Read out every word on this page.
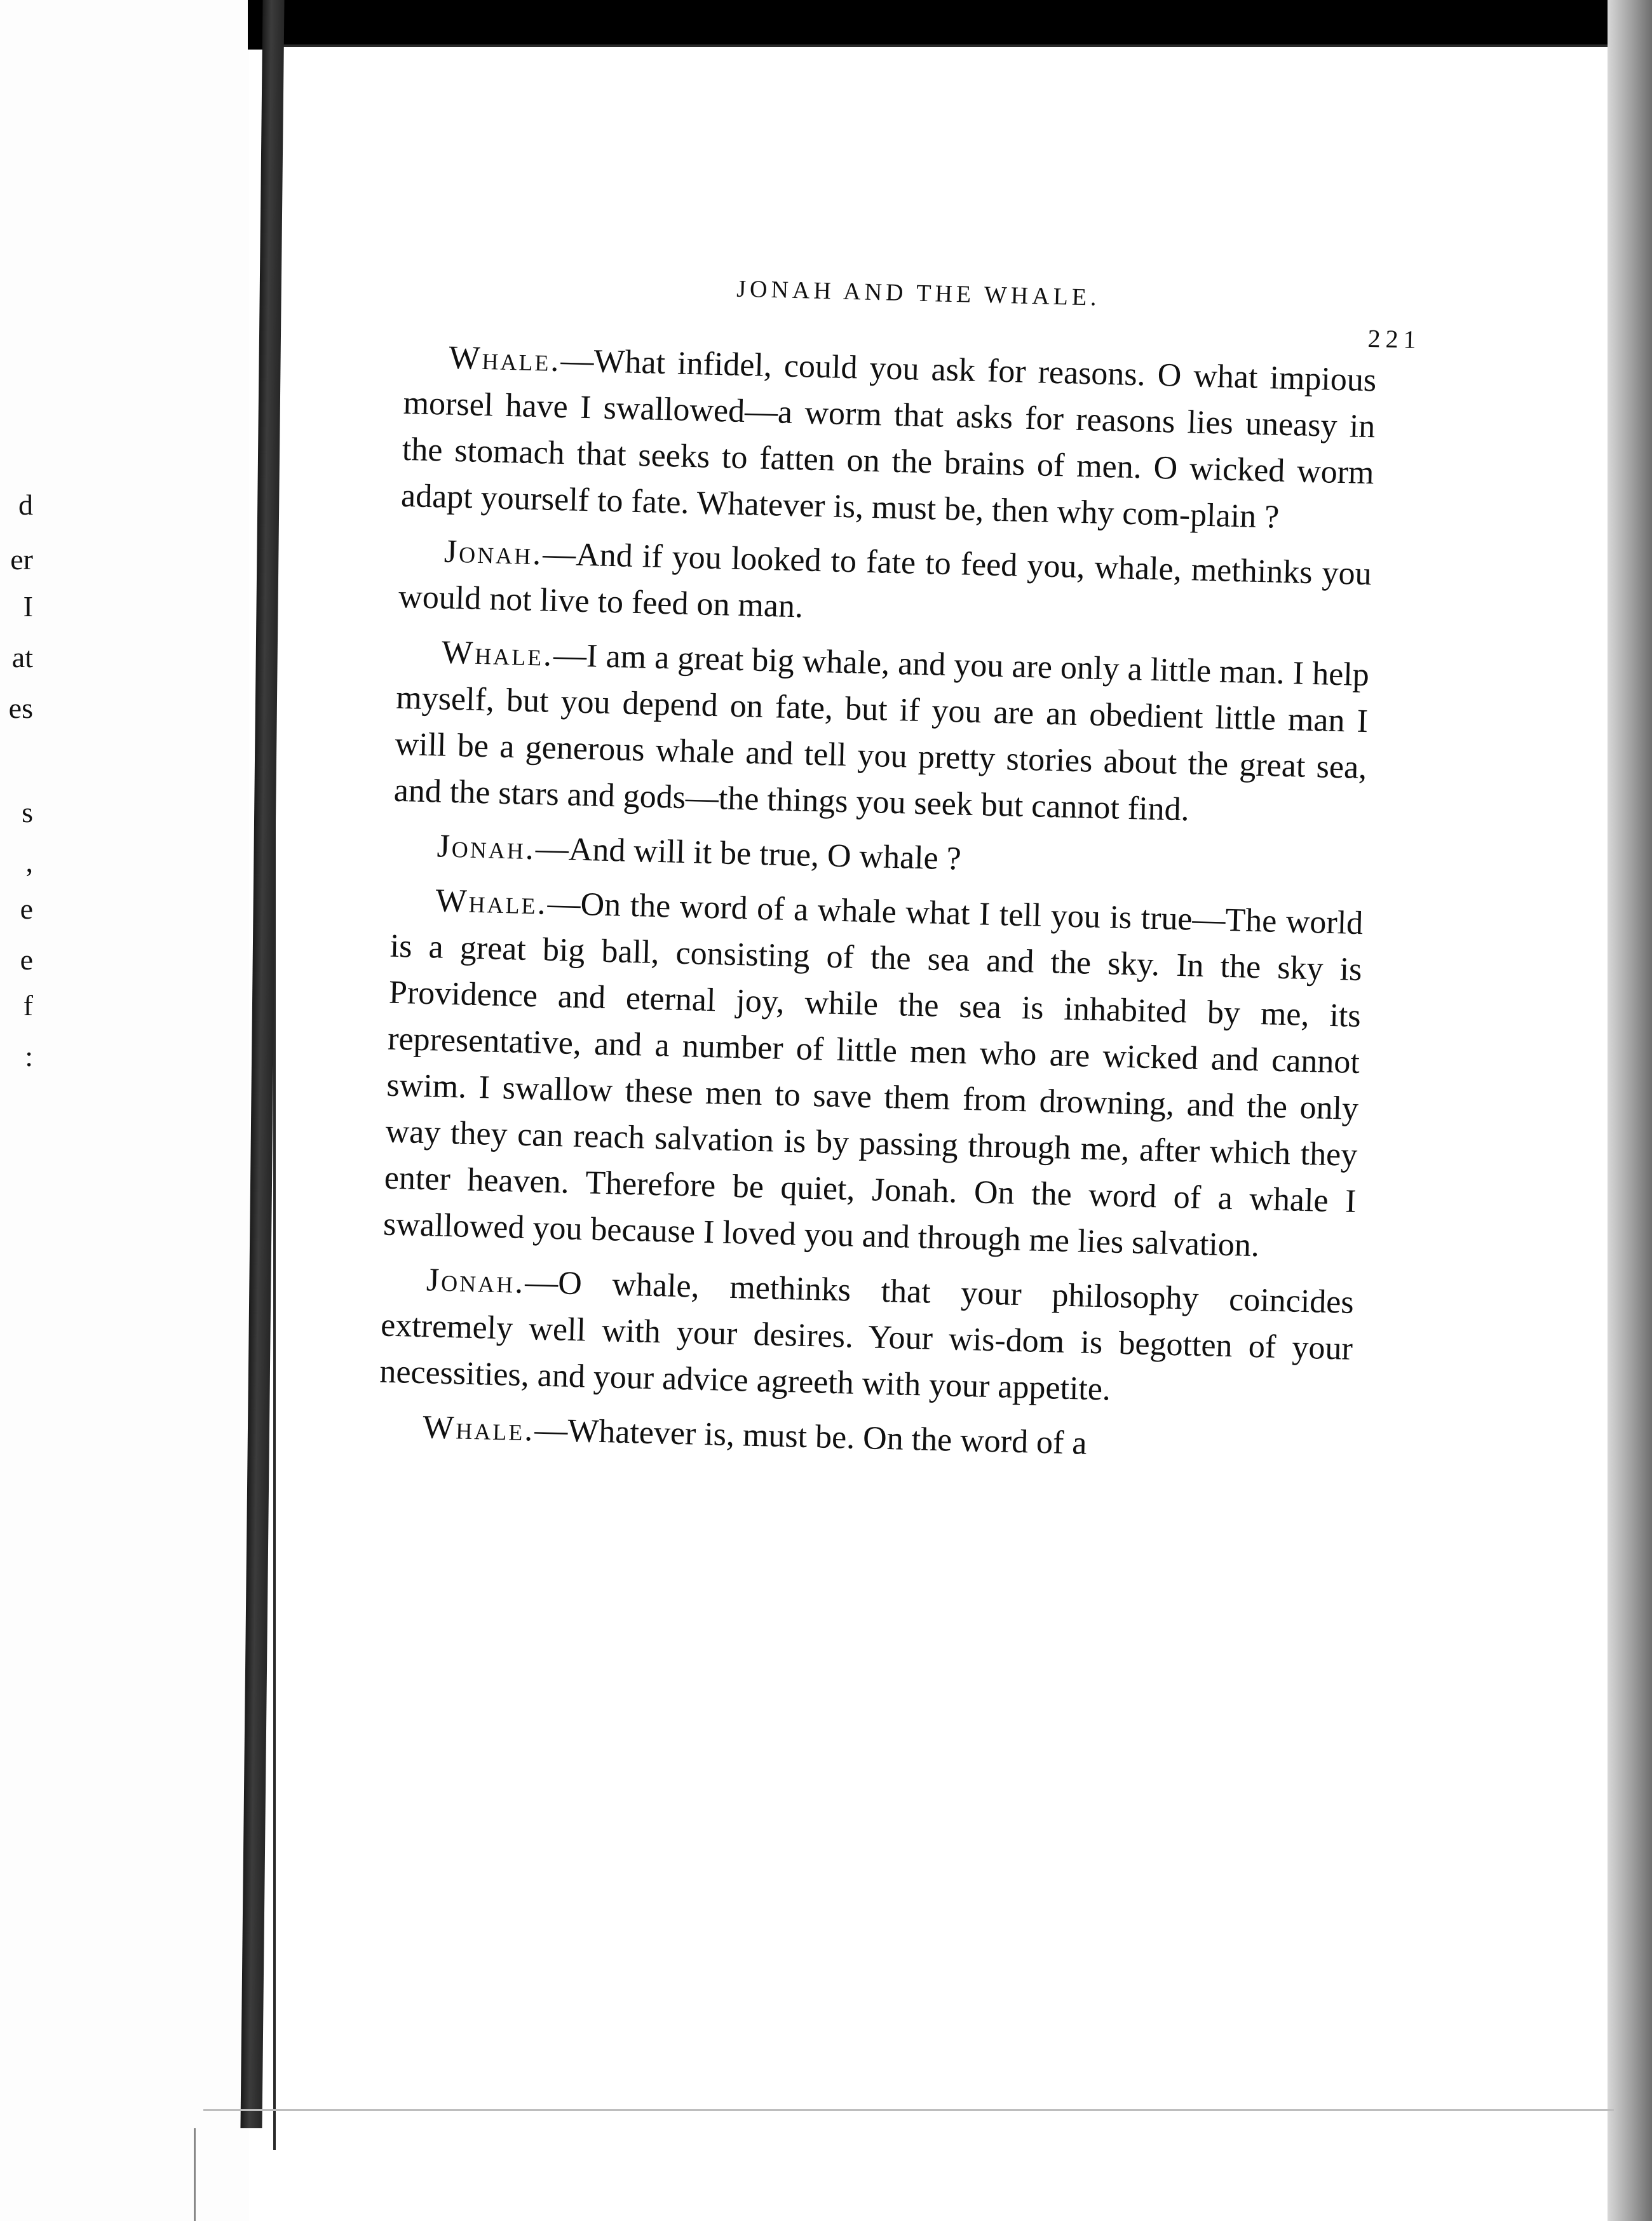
d
er
I
at
es
s
,
e
e
f
:
JONAH AND THE WHALE.
221

Whale.—What infidel, could you ask for reasons. O what impious morsel have I swallowed—a worm that asks for reasons lies uneasy in the stomach that seeks to fatten on the brains of men. O wicked worm adapt yourself to fate. Whatever is, must be, then why com-plain ?

Jonah.—And if you looked to fate to feed you, whale, methinks you would not live to feed on man.

Whale.—I am a great big whale, and you are only a little man. I help myself, but you depend on fate, but if you are an obedient little man I will be a generous whale and tell you pretty stories about the great sea, and the stars and gods—the things you seek but cannot find.

Jonah.—And will it be true, O whale ?

Whale.—On the word of a whale what I tell you is true—The world is a great big ball, consisting of the sea and the sky. In the sky is Providence and eternal joy, while the sea is inhabited by me, its representative, and a number of little men who are wicked and cannot swim. I swallow these men to save them from drowning, and the only way they can reach salvation is by passing through me, after which they enter heaven. Therefore be quiet, Jonah. On the word of a whale I swallowed you because I loved you and through me lies salvation.

Jonah.—O whale, methinks that your philosophy coincides extremely well with your desires. Your wis-dom is begotten of your necessities, and your advice agreeth with your appetite.

Whale.—Whatever is, must be. On the word of a
